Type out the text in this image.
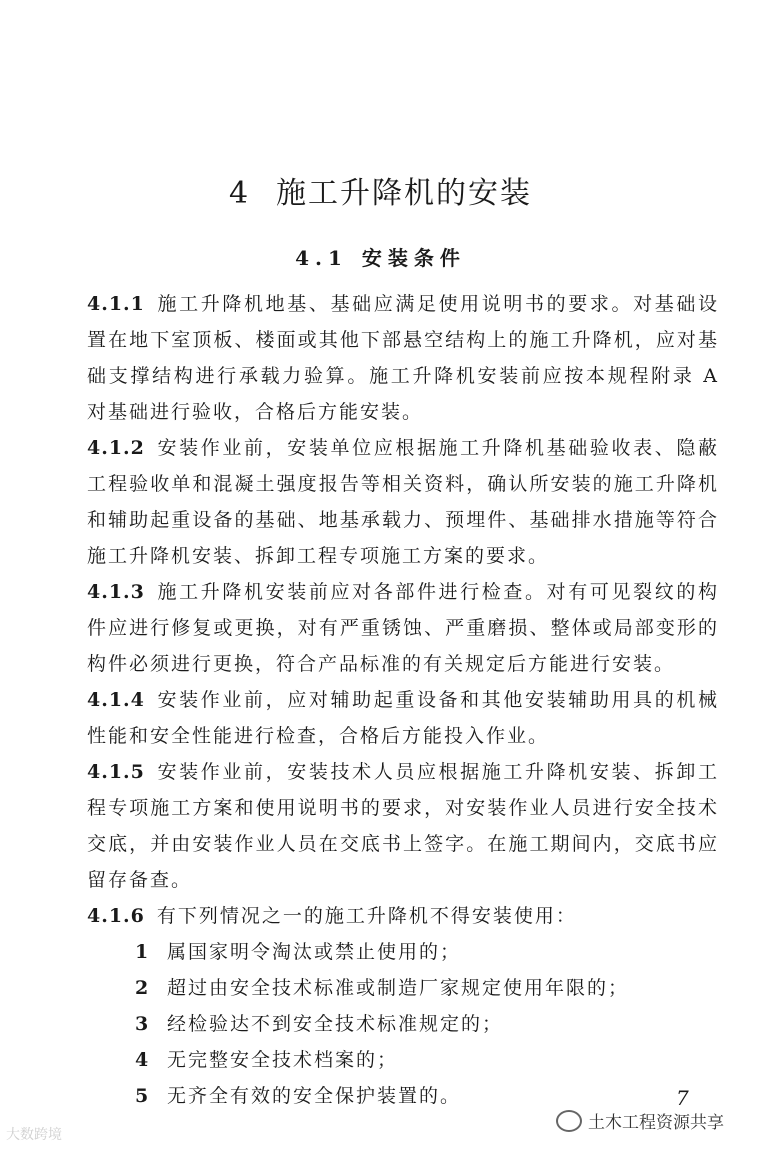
4 施工升降机的安装
4.1 安装条件

4.1.1 施工升降机地基、基础应满足使用说明书的要求。对基础设置在地下室顶板、楼面或其他下部悬空结构上的施工升降机，应对基础支撑结构进行承载力验算。施工升降机安装前应按本规程附录 A 对基础进行验收，合格后方能安装。

4.1.2 安装作业前，安装单位应根据施工升降机基础验收表、隐蔽工程验收单和混凝土强度报告等相关资料，确认所安装的施工升降机和辅助起重设备的基础、地基承载力、预埋件、基础排水措施等符合施工升降机安装、拆卸工程专项施工方案的要求。

4.1.3 施工升降机安装前应对各部件进行检查。对有可见裂纹的构件应进行修复或更换，对有严重锈蚀、严重磨损、整体或局部变形的构件必须进行更换，符合产品标准的有关规定后方能进行安装。

4.1.4 安装作业前，应对辅助起重设备和其他安装辅助用具的机械性能和安全性能进行检查，合格后方能投入作业。

4.1.5 安装作业前，安装技术人员应根据施工升降机安装、拆卸工程专项施工方案和使用说明书的要求，对安装作业人员进行安全技术交底，并由安装作业人员在交底书上签字。在施工期间内，交底书应留存备查。

4.1.6 有下列情况之一的施工升降机不得安装使用：

1 属国家明令淘汰或禁止使用的；
2 超过由安全技术标准或制造厂家规定使用年限的；
3 经检验达不到安全技术标准规定的；
4 无完整安全技术档案的；
5 无齐全有效的安全保护装置的。	7
土木工程资源共享
大数跨境
